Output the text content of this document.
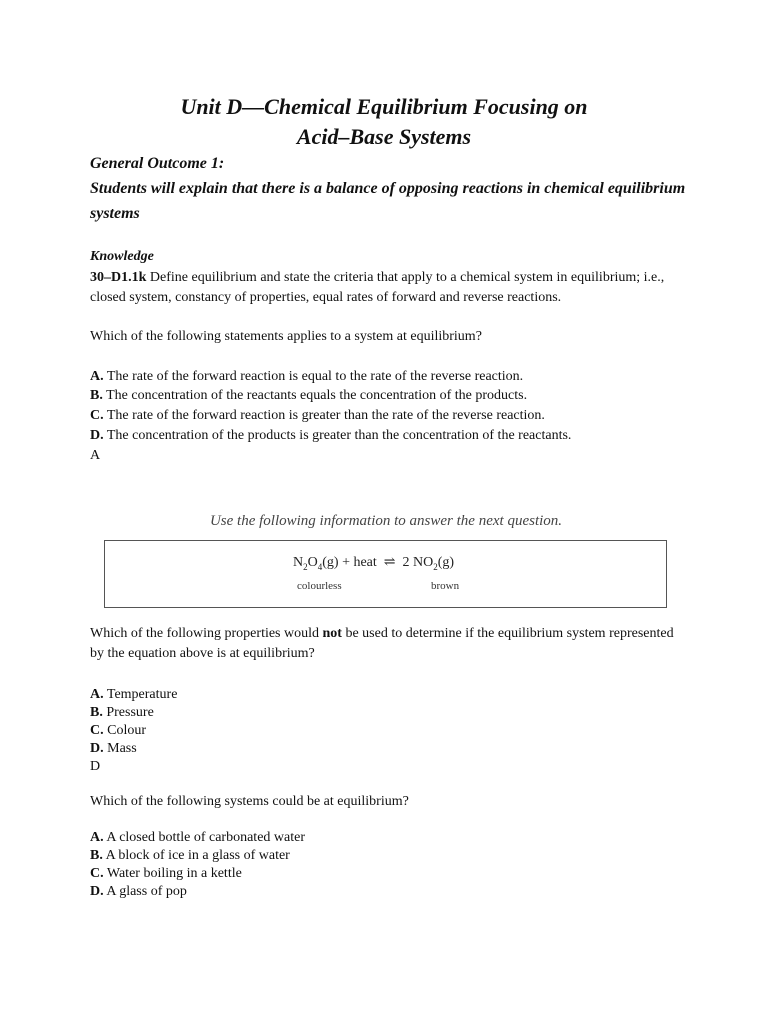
Unit D—Chemical Equilibrium Focusing on
Acid–Base Systems
General Outcome 1:
Students will explain that there is a balance of opposing reactions in chemical equilibrium systems
Knowledge
30–D1.1k Define equilibrium and state the criteria that apply to a chemical system in equilibrium; i.e., closed system, constancy of properties, equal rates of forward and reverse reactions.
Which of the following statements applies to a system at equilibrium?
A. The rate of the forward reaction is equal to the rate of the reverse reaction.
B. The concentration of the reactants equals the concentration of the products.
C. The rate of the forward reaction is greater than the rate of the reverse reaction.
D. The concentration of the products is greater than the concentration of the reactants.
A
Use the following information to answer the next question.
$N_2O_4(g)$ + heat ⇌ 2 $NO_2(g)$
colourless	brown
Which of the following properties would not be used to determine if the equilibrium system represented by the equation above is at equilibrium?
A. Temperature
B. Pressure
C. Colour
D. Mass
D
Which of the following systems could be at equilibrium?
A. A closed bottle of carbonated water
B. A block of ice in a glass of water
C. Water boiling in a kettle
D. A glass of pop
